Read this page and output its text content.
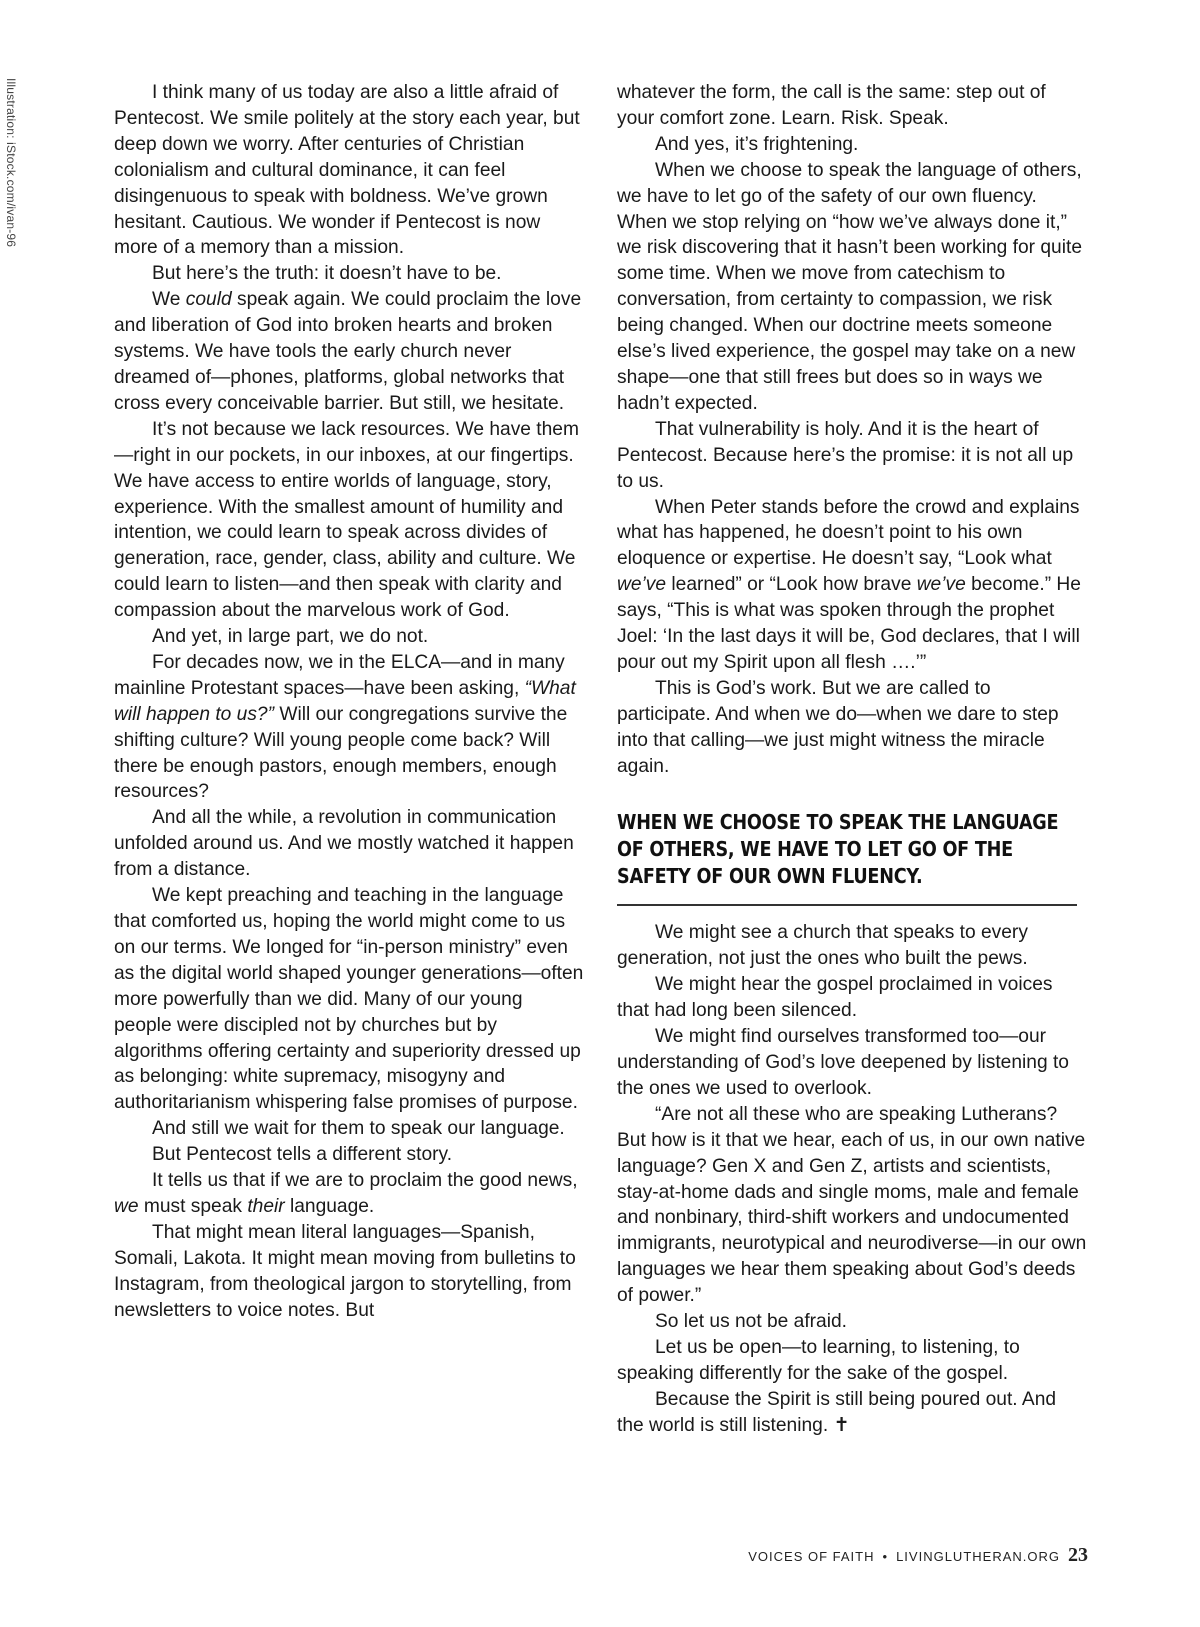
Illustration: iStock.com/ivan-96	I think many of us today are also a little afraid of Pentecost. We smile politely at the story each year, but deep down we worry. After centuries of Christian colonialism and cultural dominance, it can feel disingenuous to speak with boldness. We’ve grown hesitant. Cautious. We wonder if Pentecost is now more of a memory than a mission.

But here’s the truth: it doesn’t have to be.

We could speak again. We could proclaim the love and liberation of God into broken hearts and broken systems. We have tools the early church never dreamed of—phones, platforms, global networks that cross every conceivable barrier. But still, we hesitate.

It’s not because we lack resources. We have them—right in our pockets, in our inboxes, at our fingertips. We have access to entire worlds of language, story, experience. With the smallest amount of humility and intention, we could learn to speak across divides of generation, race, gender, class, ability and culture. We could learn to listen—and then speak with clarity and compassion about the marvelous work of God.

And yet, in large part, we do not.

For decades now, we in the ELCA—and in many mainline Protestant spaces—have been asking, “What will happen to us?” Will our congregations survive the shifting culture? Will young people come back? Will there be enough pastors, enough members, enough resources?

And all the while, a revolution in communication unfolded around us. And we mostly watched it happen from a distance.

We kept preaching and teaching in the language that comforted us, hoping the world might come to us on our terms. We longed for “in-person ministry” even as the digital world shaped younger generations—often more powerfully than we did. Many of our young people were discipled not by churches but by algorithms offering certainty and superiority dressed up as belonging: white supremacy, misogyny and authoritarianism whispering false promises of purpose.

And still we wait for them to speak our language.

But Pentecost tells a different story.

It tells us that if we are to proclaim the good news, we must speak their language.

That might mean literal languages—Spanish, Somali, Lakota. It might mean moving from bulletins to Instagram, from theological jargon to storytelling, from newsletters to voice notes. But

whatever the form, the call is the same: step out of your comfort zone. Learn. Risk. Speak.

And yes, it’s frightening.

When we choose to speak the language of others, we have to let go of the safety of our own fluency. When we stop relying on “how we’ve always done it,” we risk discovering that it hasn’t been working for quite some time. When we move from catechism to conversation, from certainty to compassion, we risk being changed. When our doctrine meets someone else’s lived experience, the gospel may take on a new shape—one that still frees but does so in ways we hadn’t expected.

That vulnerability is holy. And it is the heart of Pentecost. Because here’s the promise: it is not all up to us.

When Peter stands before the crowd and explains what has happened, he doesn’t point to his own eloquence or expertise. He doesn’t say, “Look what we’ve learned” or “Look how brave we’ve become.” He says, “This is what was spoken through the prophet Joel: ‘In the last days it will be, God declares, that I will pour out my Spirit upon all flesh ….’”

This is God’s work. But we are called to participate. And when we do—when we dare to step into that calling—we just might witness the miracle again.

WHEN WE CHOOSE TO SPEAK THE LANGUAGE OF OTHERS, WE HAVE TO LET GO OF THE SAFETY OF OUR OWN FLUENCY.

We might see a church that speaks to every generation, not just the ones who built the pews.

We might hear the gospel proclaimed in voices that had long been silenced.

We might find ourselves transformed too—our understanding of God’s love deepened by listening to the ones we used to overlook.

“Are not all these who are speaking Lutherans? But how is it that we hear, each of us, in our own native language? Gen X and Gen Z, artists and scientists, stay-at-home dads and single moms, male and female and nonbinary, third-shift workers and undocumented immigrants, neurotypical and neurodiverse—in our own languages we hear them speaking about God’s deeds of power.”

So let us not be afraid.

Let us be open—to learning, to listening, to speaking differently for the sake of the gospel.

Because the Spirit is still being poured out. And the world is still listening. ✝

VOICES OF FAITH • LIVINGLUTHERAN.ORG 23
